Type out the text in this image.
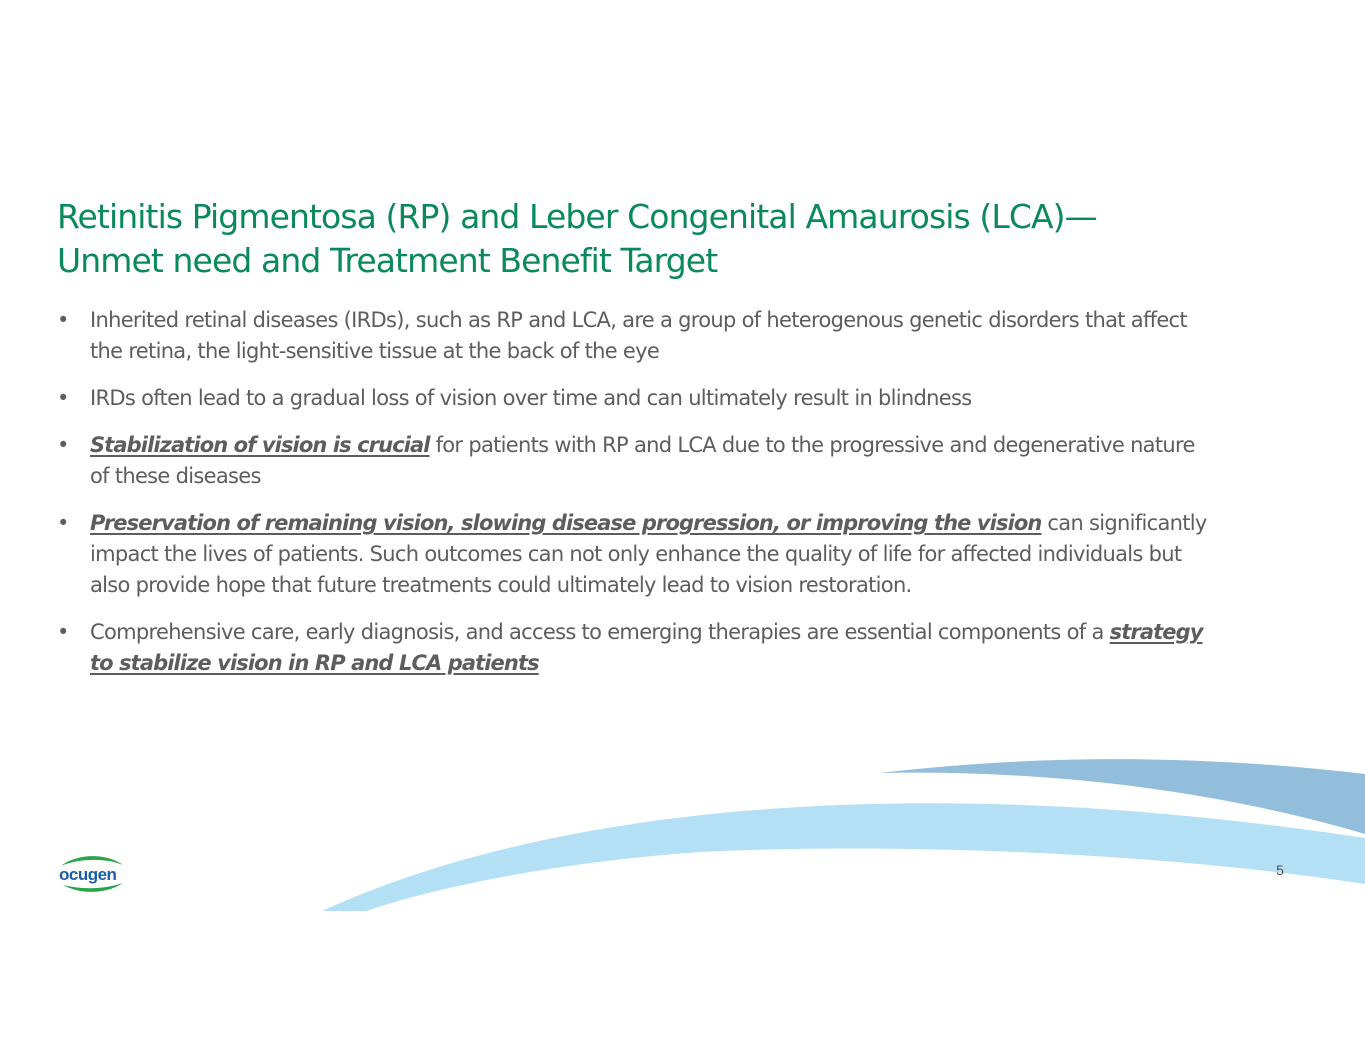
Retinitis Pigmentosa (RP) and Leber Congenital Amaurosis (LCA)—
Unmet need and Treatment Benefit Target
• Inherited retinal diseases (IRDs), such as RP and LCA, are a group of heterogenous genetic disorders that affect the retina, the light-sensitive tissue at the back of the eye
• IRDs often lead to a gradual loss of vision over time and can ultimately result in blindness
• Stabilization of vision is crucial for patients with RP and LCA due to the progressive and degenerative nature of these diseases
• Preservation of remaining vision, slowing disease progression, or improving the vision can significantly impact the lives of patients. Such outcomes can not only enhance the quality of life for affected individuals but also provide hope that future treatments could ultimately lead to vision restoration.
• Comprehensive care, early diagnosis, and access to emerging therapies are essential components of a strategy to stabilize vision in RP and LCA patients
ocugen	5
